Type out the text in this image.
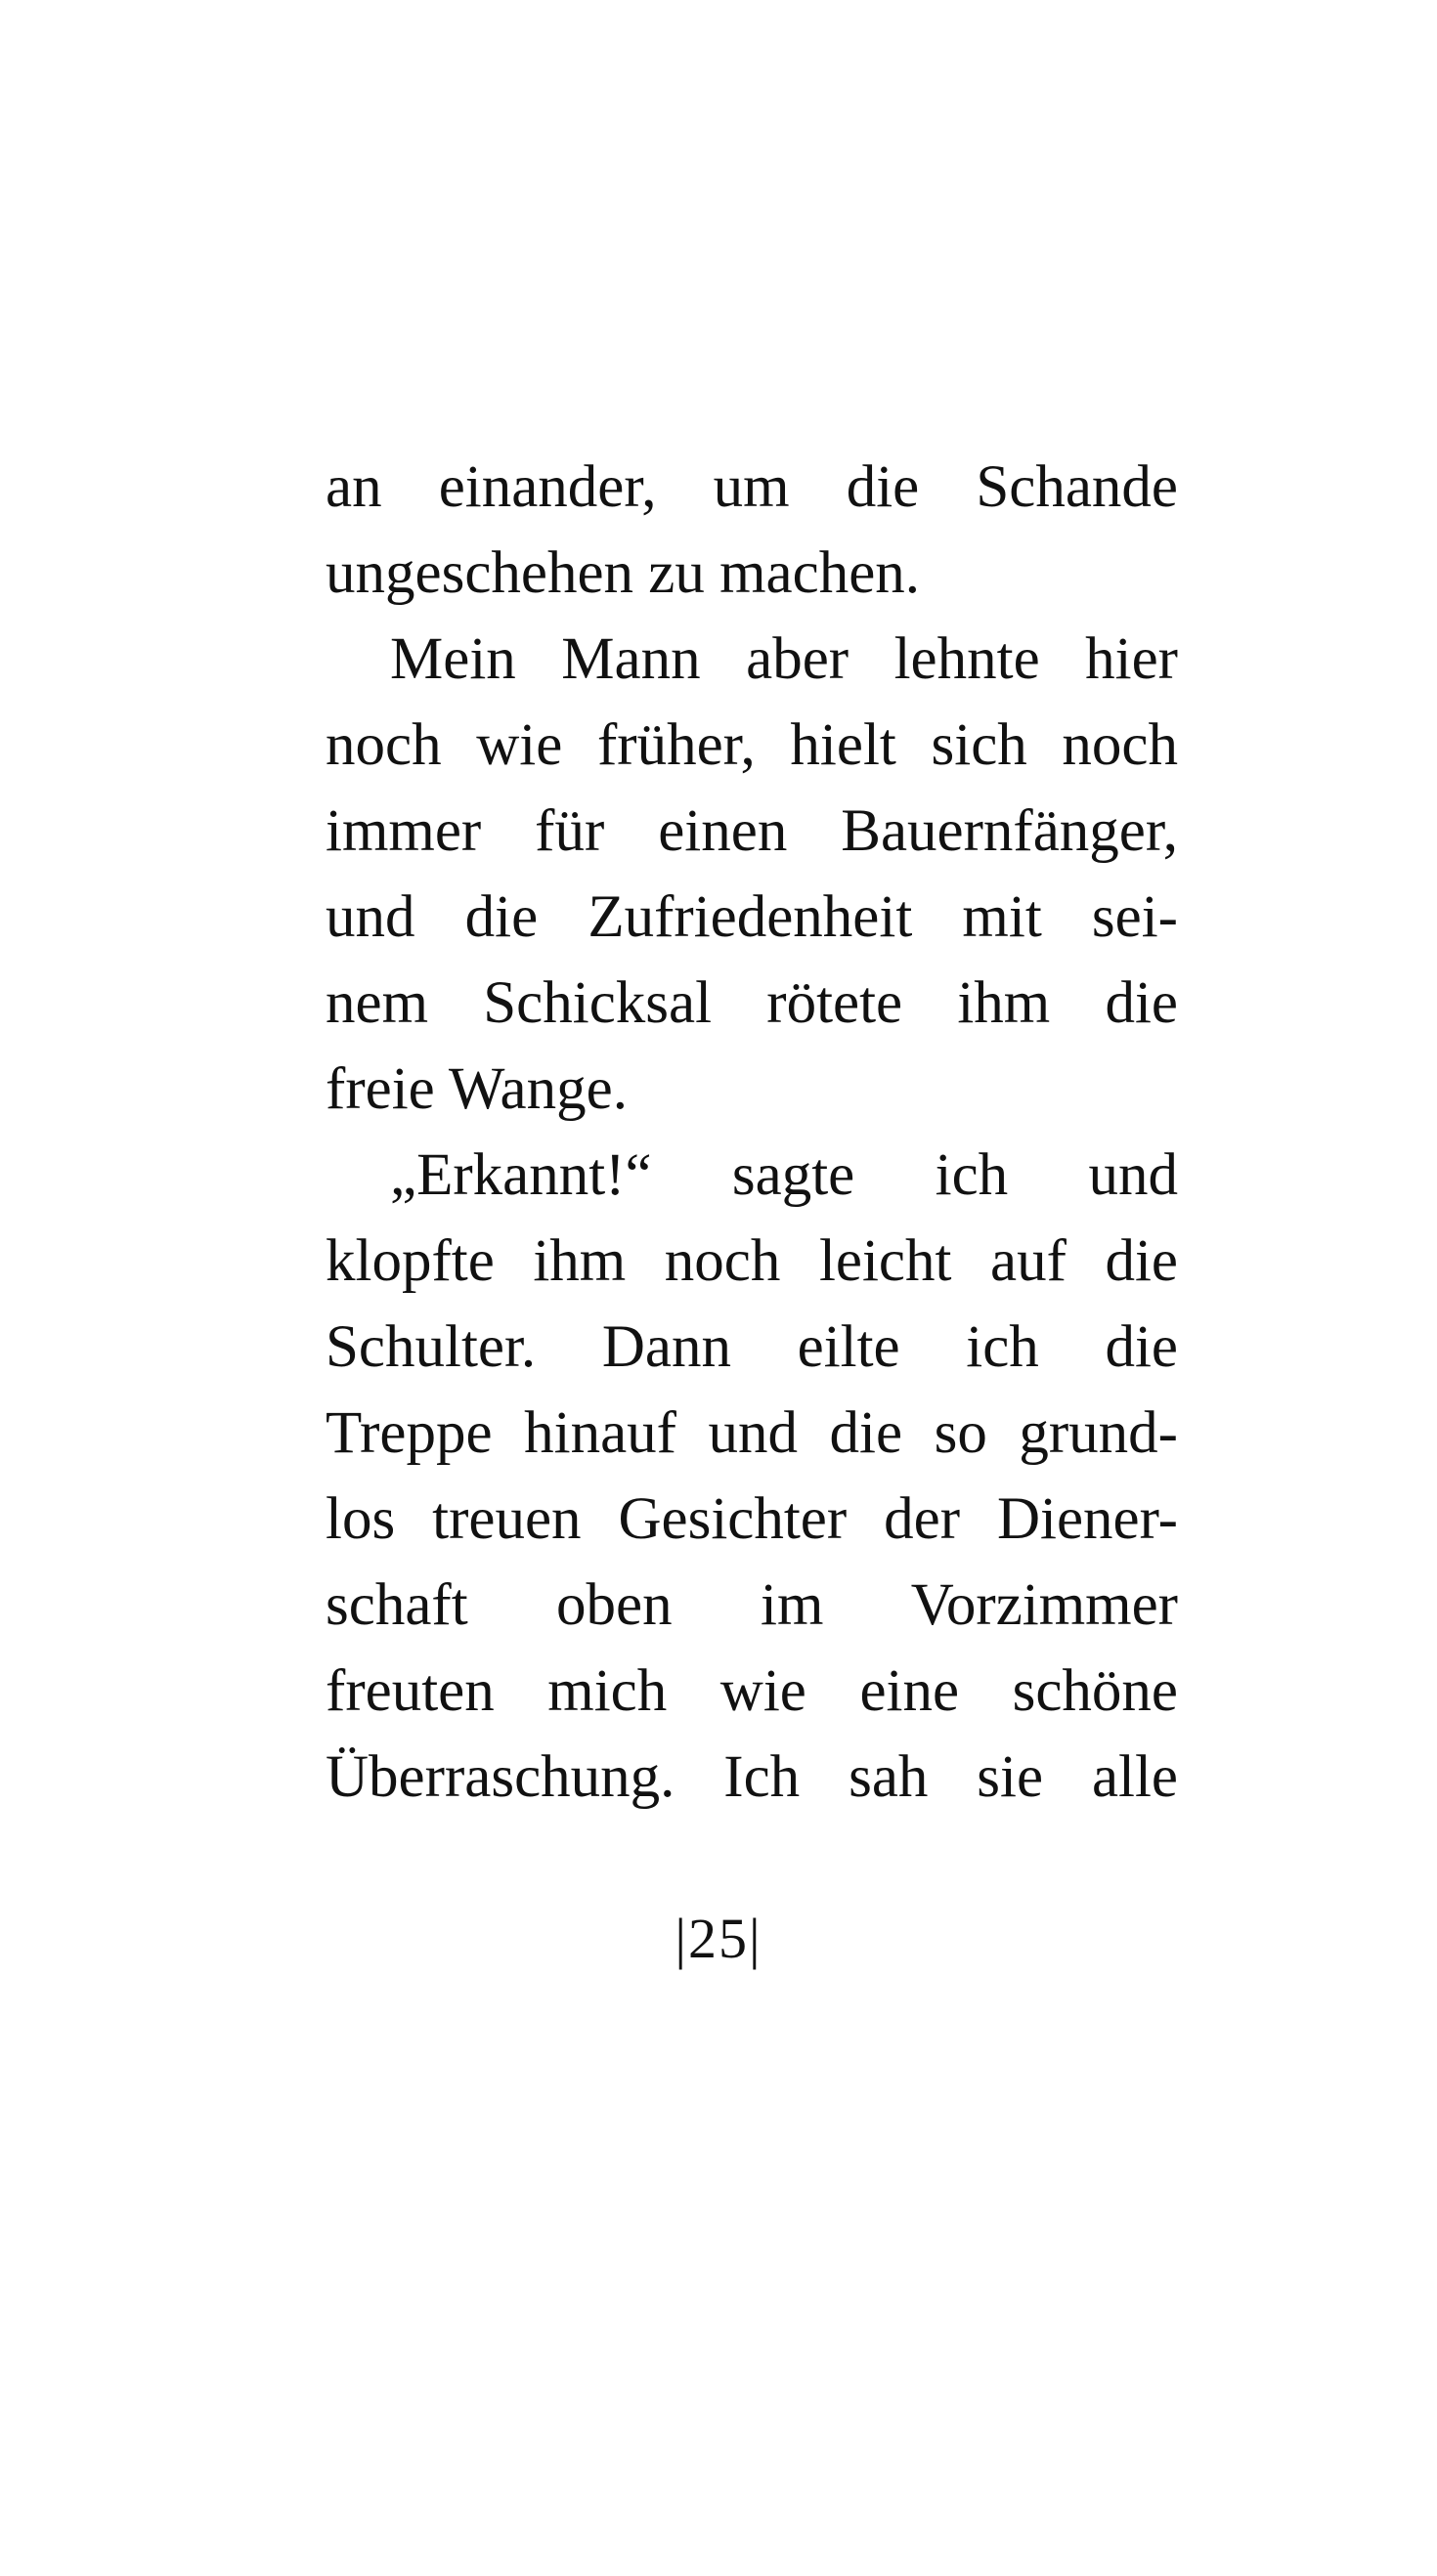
an einander, um die Schande
ungeschehen zu machen.
Mein Mann aber lehnte hier
noch wie früher, hielt sich noch
immer für einen Bauernfänger,
und die Zufriedenheit mit sei-
nem Schicksal rötete ihm die
freie Wange.
„Erkannt!“ sagte ich und
klopfte ihm noch leicht auf die
Schulter. Dann eilte ich die
Treppe hinauf und die so grund-
los treuen Gesichter der Diener-
schaft oben im Vorzimmer
freuten mich wie eine schöne
Überraschung. Ich sah sie alle
|25|
